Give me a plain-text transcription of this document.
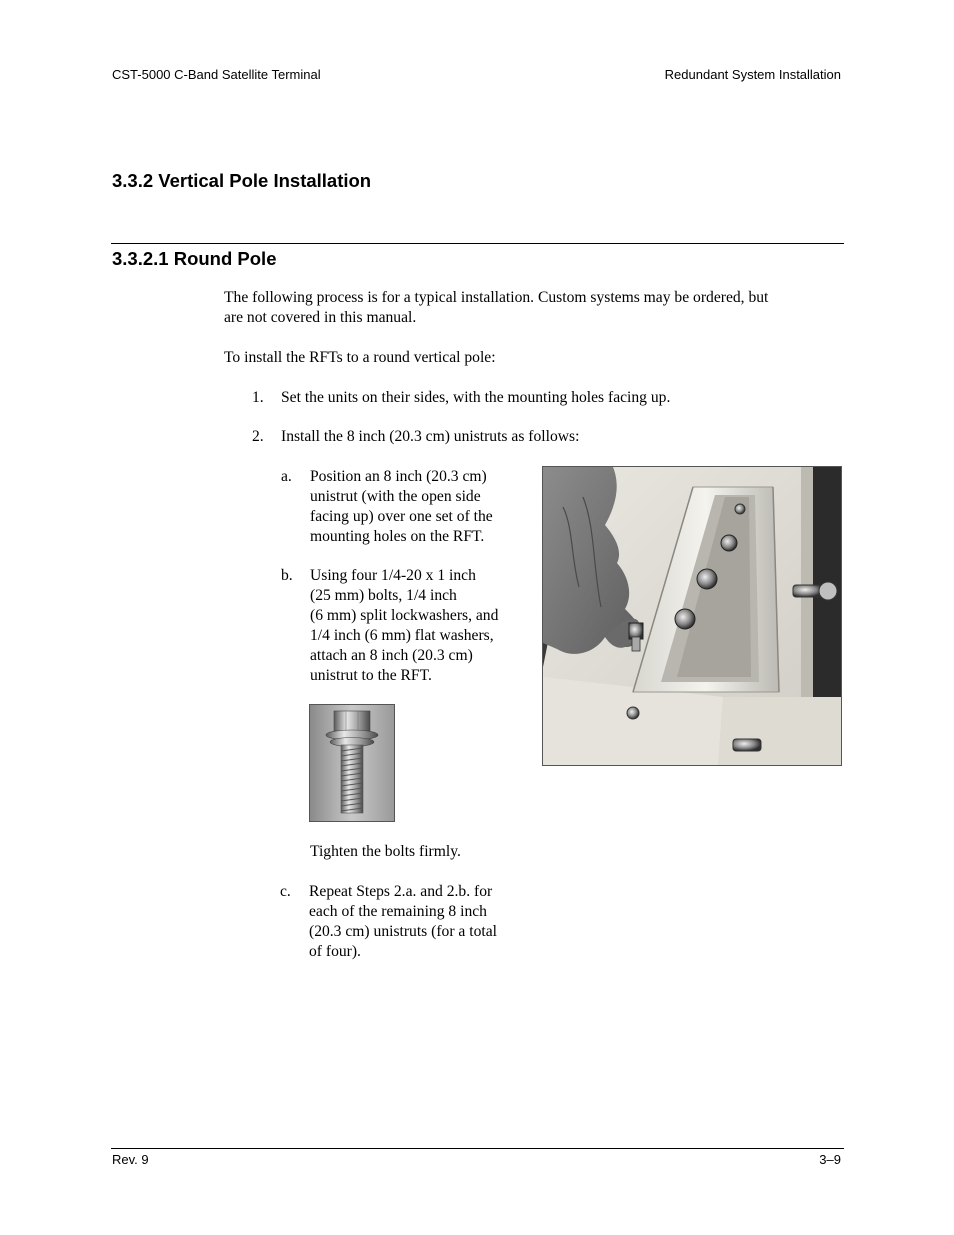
CST-5000 C-Band Satellite Terminal	Redundant System Installation
3.3.2 Vertical Pole Installation
3.3.2.1 Round Pole
The following process is for a typical installation. Custom systems may be ordered, but
are not covered in this manual.
To install the RFTs to a round vertical pole:
1. Set the units on their sides, with the mounting holes facing up.
2. Install the 8 inch (20.3 cm) unistruts as follows:
a. Position an 8 inch (20.3 cm)
unistrut (with the open side
facing up) over one set of the
mounting holes on the RFT.
b. Using four 1/4-20 x 1 inch
(25 mm) bolts, 1/4 inch
(6 mm) split lockwashers, and
1/4 inch (6 mm) flat washers,
attach an 8 inch (20.3 cm)
unistrut to the RFT.
Tighten the bolts firmly.
c. Repeat Steps 2.a. and 2.b. for
each of the remaining 8 inch
(20.3 cm) unistruts (for a total
of four).
Rev. 9	3–9
